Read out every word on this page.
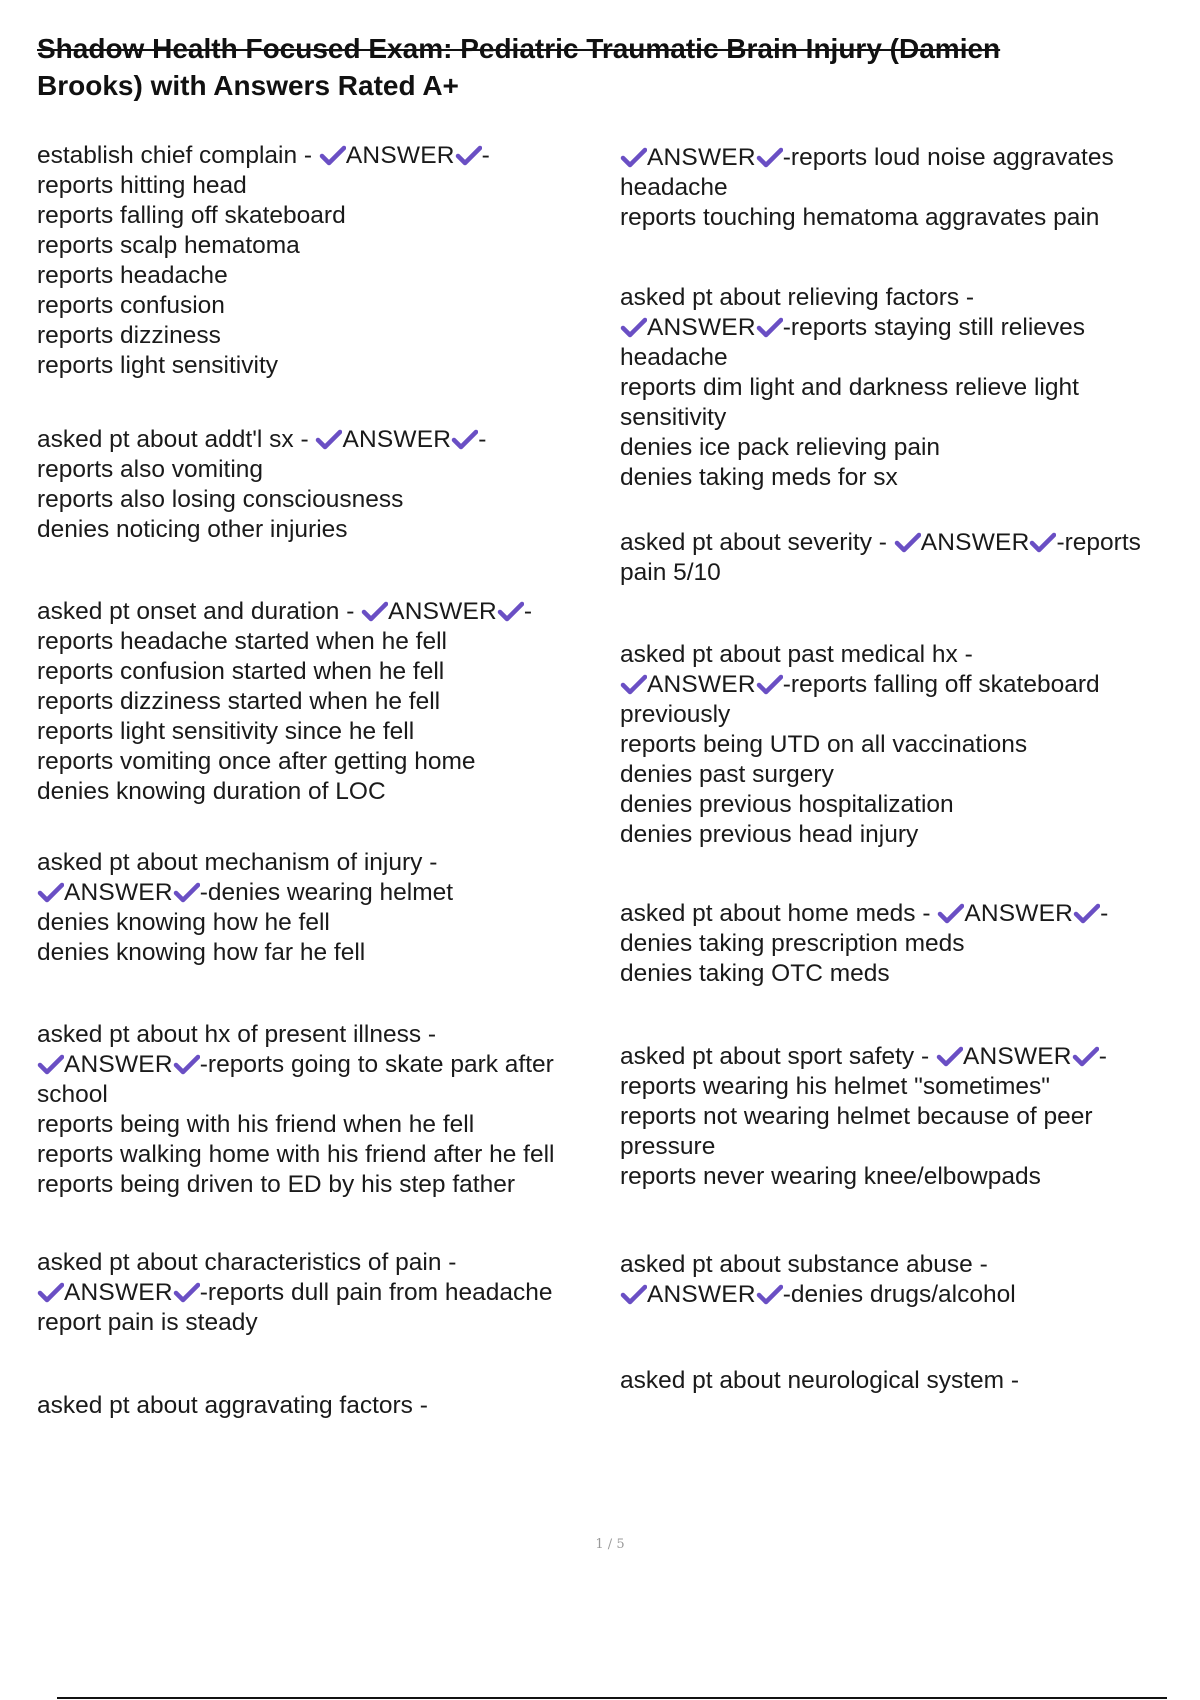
Shadow Health Focused Exam: Pediatric Traumatic Brain Injury (Damien
Brooks) with Answers Rated A+
establish chief complain - ANSWER -
reports hitting head
reports falling off skateboard
reports scalp hematoma
reports headache
reports confusion
reports dizziness
reports light sensitivity
asked pt about addt'l sx - ANSWER -
reports also vomiting
reports also losing consciousness
denies noticing other injuries
asked pt onset and duration - ANSWER -
reports headache started when he fell
reports confusion started when he fell
reports dizziness started when he fell
reports light sensitivity since he fell
reports vomiting once after getting home
denies knowing duration of LOC
asked pt about mechanism of injury -
ANSWER -denies wearing helmet
denies knowing how he fell
denies knowing how far he fell
asked pt about hx of present illness -
ANSWER -reports going to skate park after
school
reports being with his friend when he fell
reports walking home with his friend after he fell
reports being driven to ED by his step father
asked pt about characteristics of pain -
ANSWER -reports dull pain from headache
report pain is steady
asked pt about aggravating factors -
ANSWER -reports loud noise aggravates
headache
reports touching hematoma aggravates pain
asked pt about relieving factors -
ANSWER -reports staying still relieves
headache
reports dim light and darkness relieve light
sensitivity
denies ice pack relieving pain
denies taking meds for sx
asked pt about severity - ANSWER -reports
pain 5/10
asked pt about past medical hx -
ANSWER -reports falling off skateboard
previously
reports being UTD on all vaccinations
denies past surgery
denies previous hospitalization
denies previous head injury
asked pt about home meds - ANSWER -
denies taking prescription meds
denies taking OTC meds
asked pt about sport safety - ANSWER -
reports wearing his helmet "sometimes"
reports not wearing helmet because of peer
pressure
reports never wearing knee/elbowpads
asked pt about substance abuse -
ANSWER -denies drugs/alcohol
asked pt about neurological system -
1 / 5
